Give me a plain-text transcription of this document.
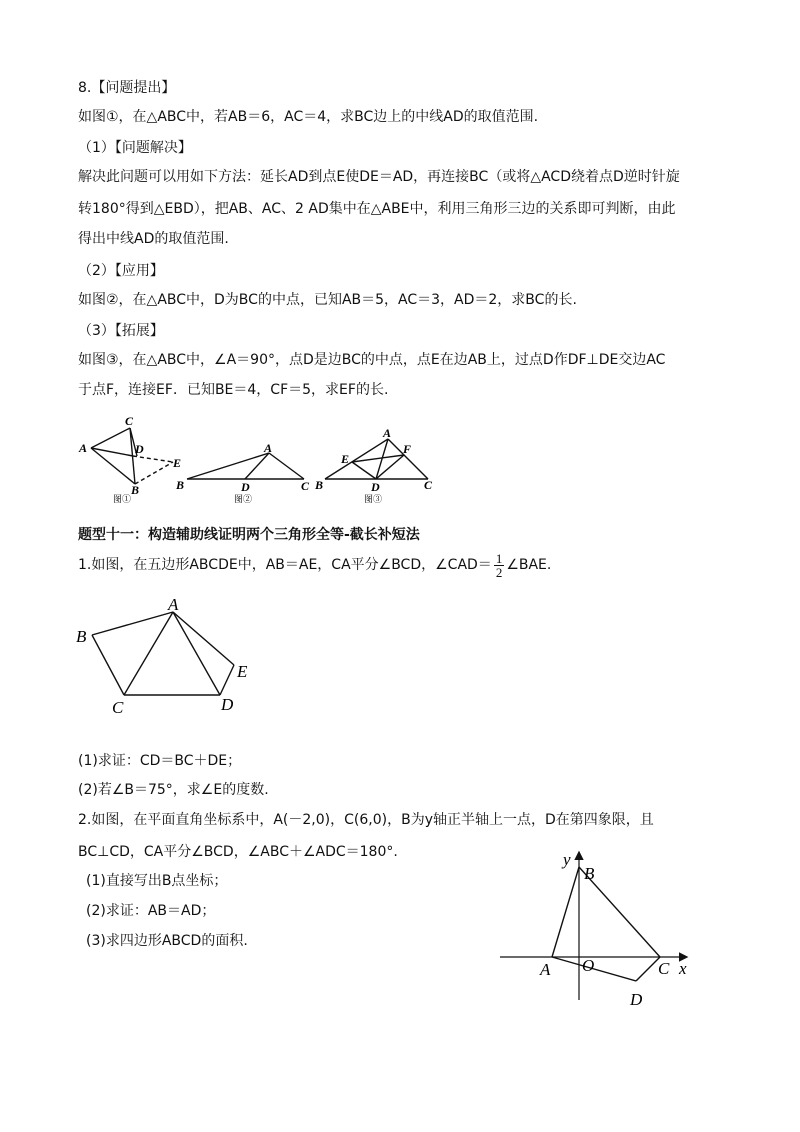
8.【问题提出】
如图①，在△ABC中，若AB＝6，AC＝4，求BC边上的中线AD的取值范围.
（1）【问题解决】
解决此问题可以用如下方法：延长AD到点E使DE＝AD，再连接BC（或将△ACD绕着点D逆时针旋
转180°得到△EBD），把AB、AC、2 AD集中在△ABE中，利用三角形三边的关系即可判断，由此
得出中线AD的取值范围.
（2）【应用】
如图②，在△ABC中，D为BC的中点，已知AB＝5，AC＝3，AD＝2，求BC的长.
（3）【拓展】
如图③，在△ABC中，∠A＝90°，点D是边BC的中点，点E在边AB上，过点D作DF⊥DE交边AC
于点F，连接EF．已知BE＝4，CF＝5，求EF的长.
A
C
D
E
B
图①
A
B	D	C
图②
A
F
E
B	D	C
图③
题型十一：构造辅助线证明两个三角形全等-截长补短法
1.如图，在五边形ABCDE中，AB＝AE，CA平分∠BCD，∠CAD＝ $\frac{1}{2}$ ∠BAE.
A
B
E
C	D
(1)求证：CD＝BC＋DE；
(2)若∠B＝75°，求∠E的度数.
2.如图，在平面直角坐标系中，A(－2,0)，C(6,0)，B为y轴正半轴上一点，D在第四象限，且
BC⊥CD，CA平分∠BCD，∠ABC＋∠ADC＝180°.
(1)直接写出B点坐标；
(2)求证：AB＝AD；
(3)求四边形ABCD的面积.
y
B
A O	C x
D
